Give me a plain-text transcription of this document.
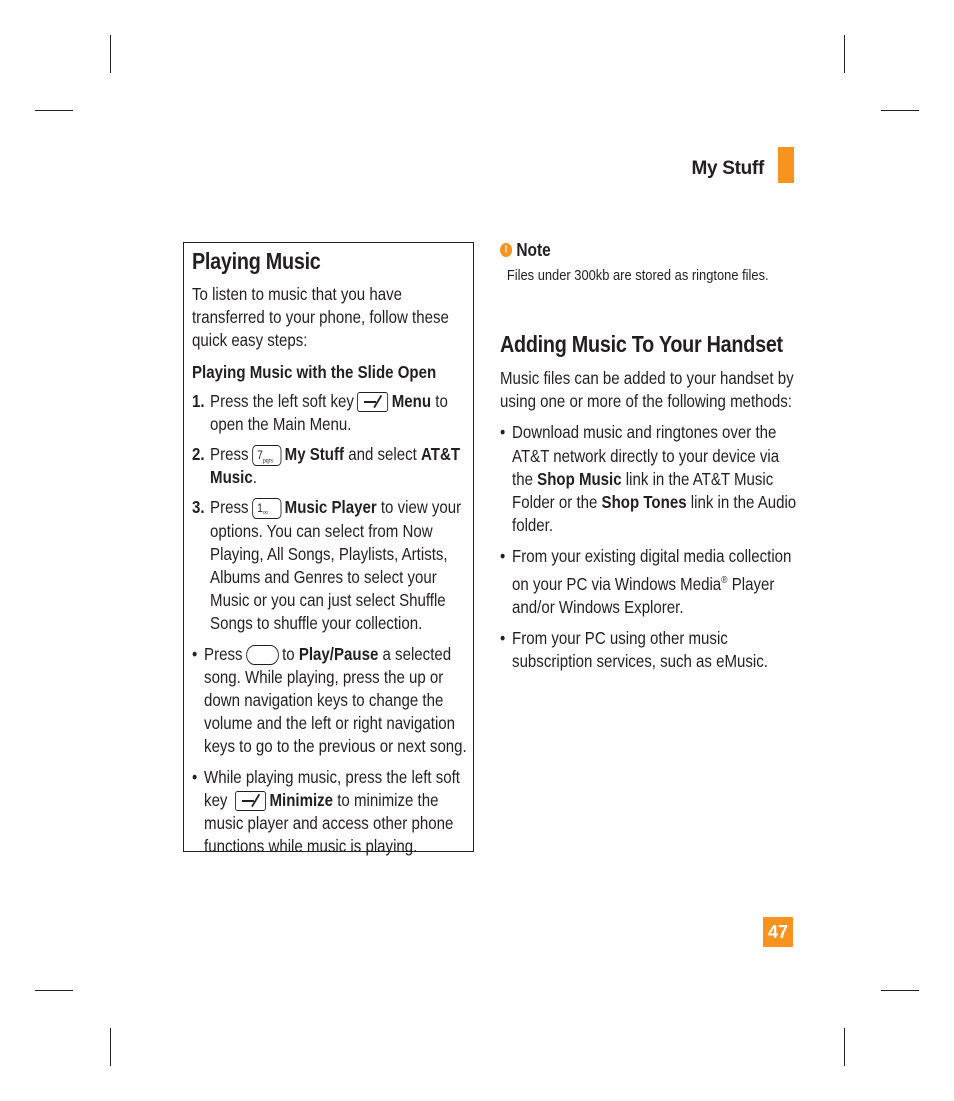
My Stuff
Playing Music

To listen to music that you have transferred to your phone, follow these quick easy steps:

Playing Music with the Slide Open
1. Press the left soft key Menu to open the Main Menu.
2. Press $7_{pqrs}$ My Stuff and select AT&T Music.
3. Press $1_{ᴼᴼ}$ Music Player to view your options. You can select from Now Playing, All Songs, Playlists, Artists, Albums and Genres to select your Music or you can just select Shuffle Songs to shuffle your collection.
• Press to Play/Pause a selected song. While playing, press the up or down navigation keys to change the volume and the left or right navigation keys to go to the previous or next song.
• While playing music, press the left soft key Minimize to minimize the music player and access other phone functions while music is playing.
! Note
Files under 300kb are stored as ringtone files.
Adding Music To Your Handset

Music files can be added to your handset by using one or more of the following methods:

• Download music and ringtones over the AT&T network directly to your device via the Shop Music link in the AT&T Music Folder or the Shop Tones link in the Audio folder.
• From your existing digital media collection on your PC via Windows Media® Player and/or Windows Explorer.
• From your PC using other music subscription services, such as eMusic.
47
